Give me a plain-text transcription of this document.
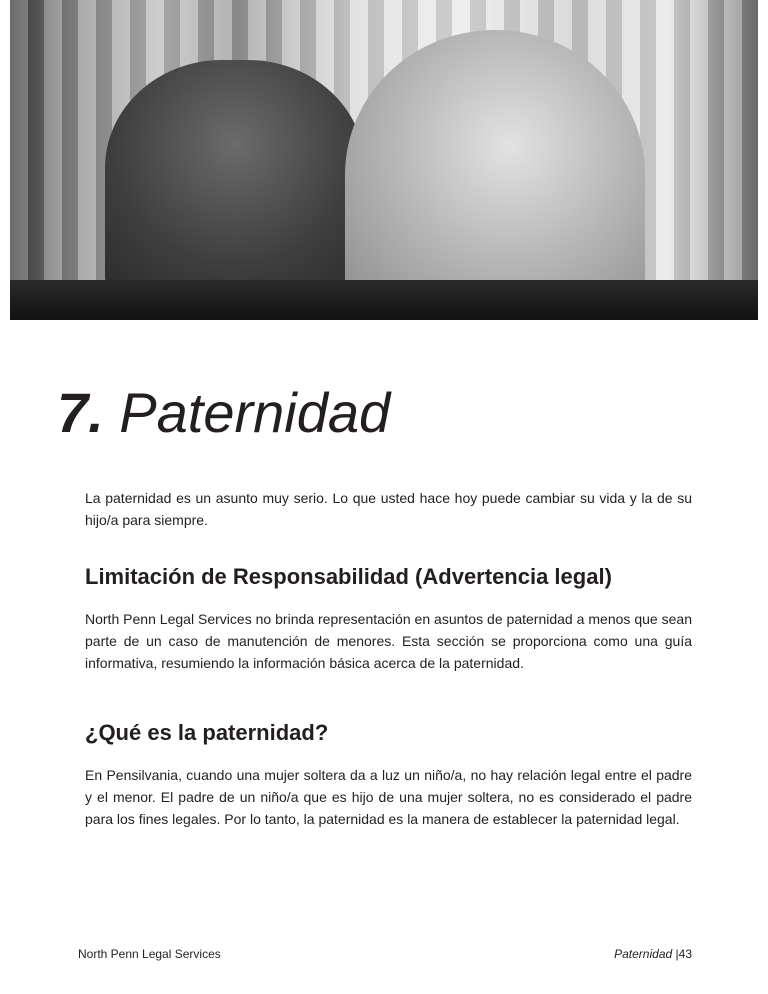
7. Paternidad

La paternidad es un asunto muy serio. Lo que usted hace hoy puede cambiar su vida y la de su hijo/a para siempre.

Limitación de Responsabilidad (Advertencia legal)

North Penn Legal Services no brinda representación en asuntos de paternidad a menos que sean parte de un caso de manutención de menores. Esta sección se proporciona como una guía informativa, resumiendo la información básica acerca de la paternidad.

¿Qué es la paternidad?

En Pensilvania, cuando una mujer soltera da a luz un niño/a, no hay relación legal entre el padre y el menor. El padre de un niño/a que es hijo de una mujer soltera, no es considerado el padre para los fines legales. Por lo tanto, la paternidad es la manera de establecer la paternidad legal.

North Penn Legal Services	Paternidad |43
